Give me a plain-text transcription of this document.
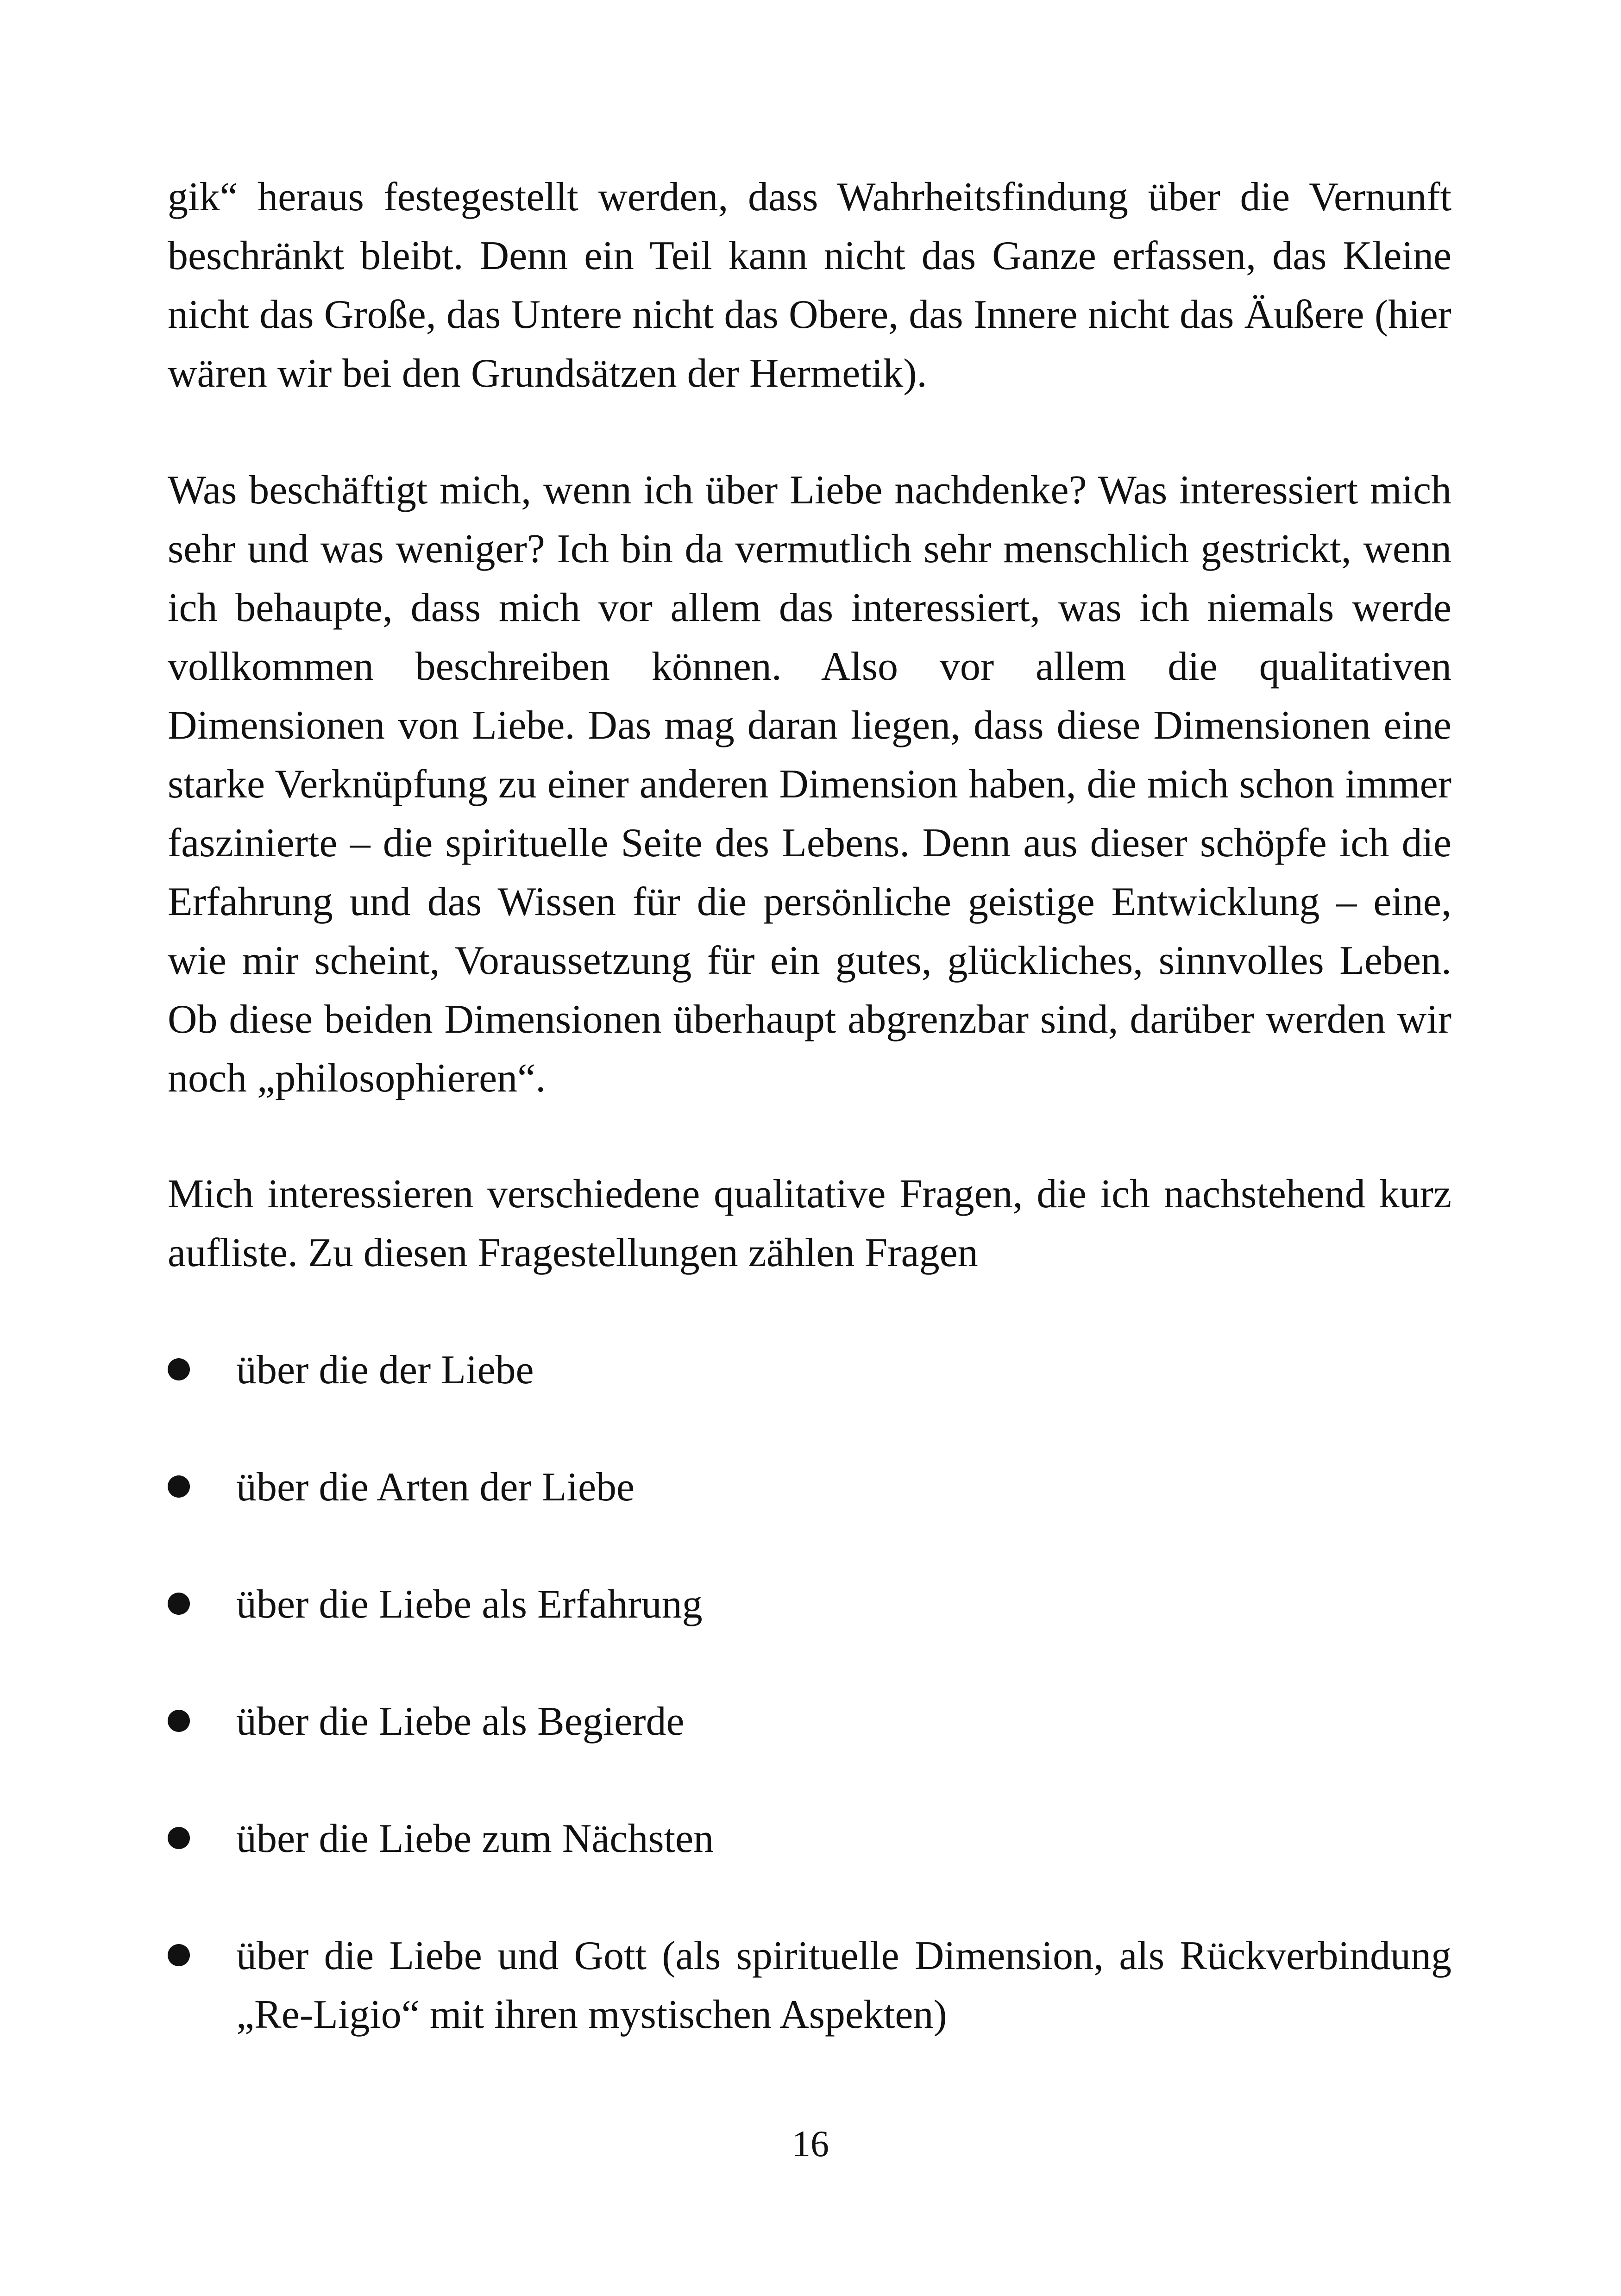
gik“ heraus festegestellt werden, dass Wahrheitsfindung über die Vernunft beschränkt bleibt. Denn ein Teil kann nicht das Ganze erfassen, das Kleine nicht das Große, das Untere nicht das Obere, das Innere nicht das Äußere (hier wären wir bei den Grundsätzen der Hermetik).

Was beschäftigt mich, wenn ich über Liebe nachdenke? Was interessiert mich sehr und was weniger? Ich bin da vermutlich sehr menschlich gestrickt, wenn ich behaupte, dass mich vor allem das interessiert, was ich niemals werde vollkommen beschreiben können. Also vor allem die qualitativen Dimensionen von Liebe. Das mag daran liegen, dass diese Dimensionen eine starke Verknüpfung zu einer anderen Dimension haben, die mich schon immer faszinierte – die spirituelle Seite des Lebens. Denn aus dieser schöpfe ich die Erfahrung und das Wissen für die persönliche geistige Entwicklung – eine, wie mir scheint, Voraussetzung für ein gutes, glückliches, sinnvolles Leben. Ob diese beiden Dimensionen überhaupt abgrenzbar sind, darüber werden wir noch „philosophieren“.

Mich interessieren verschiedene qualitative Fragen, die ich nachstehend kurz aufliste. Zu diesen Fragestellungen zählen Fragen

über die der Liebe
über die Arten der Liebe
über die Liebe als Erfahrung
über die Liebe als Begierde
über die Liebe zum Nächsten
über die Liebe und Gott (als spirituelle Dimension, als Rückverbindung „Re-Ligio“ mit ihren mystischen Aspekten)
16
